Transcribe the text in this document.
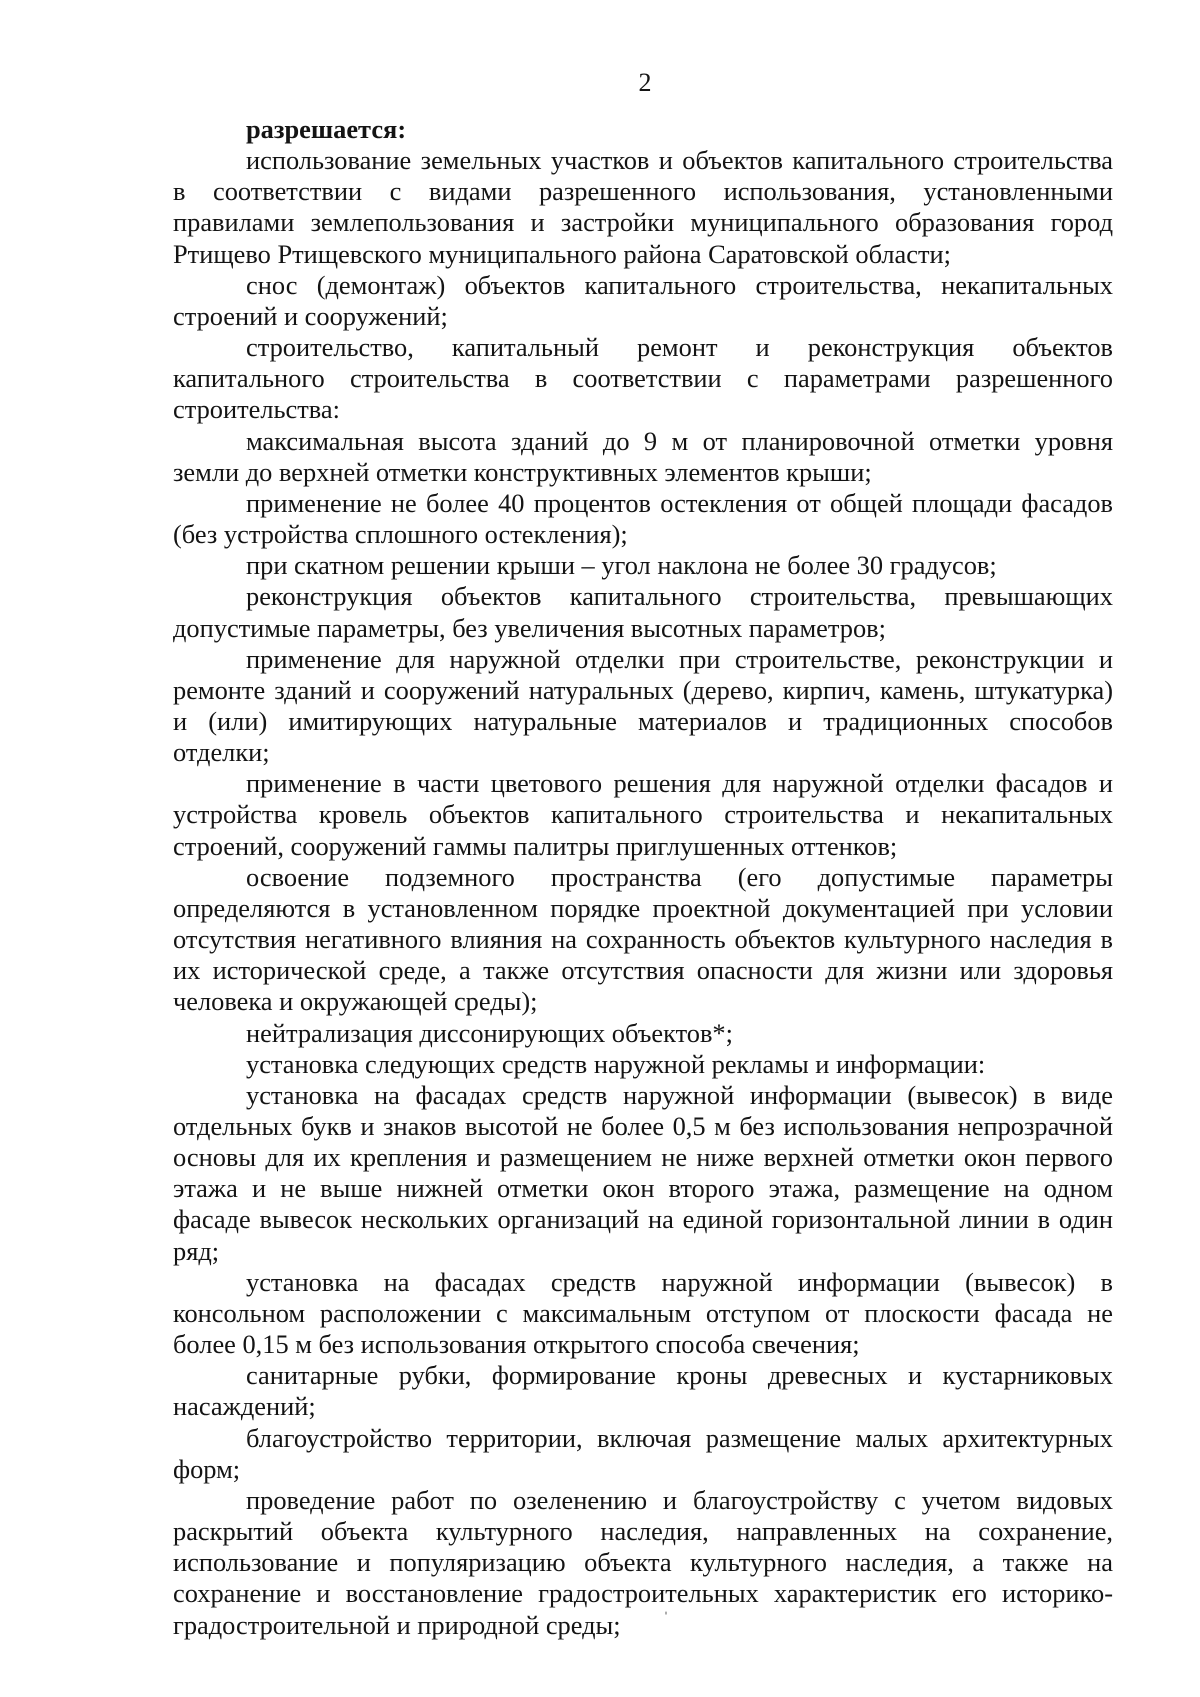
2
разрешается:
использование земельных участков и объектов капитального строительства в соответствии с видами разрешенного использования, установленными правилами землепользования и застройки муниципального образования город Ртищево Ртищевского муниципального района Саратовской области;
снос (демонтаж) объектов капитального строительства, некапитальных строений и сооружений;
строительство, капитальный ремонт и реконструкция объектов капитального строительства в соответствии с параметрами разрешенного строительства:
максимальная высота зданий до 9 м от планировочной отметки уровня земли до верхней отметки конструктивных элементов крыши;
применение не более 40 процентов остекления от общей площади фасадов (без устройства сплошного остекления);
при скатном решении крыши – угол наклона не более 30 градусов;
реконструкция объектов капитального строительства, превышающих допустимые параметры, без увеличения высотных параметров;
применение для наружной отделки при строительстве, реконструкции и ремонте зданий и сооружений натуральных (дерево, кирпич, камень, штукатурка) и (или) имитирующих натуральные материалов и традиционных способов отделки;
применение в части цветового решения для наружной отделки фасадов и устройства кровель объектов капитального строительства и некапитальных строений, сооружений гаммы палитры приглушенных оттенков;
освоение подземного пространства (его допустимые параметры определяются в установленном порядке проектной документацией при условии отсутствия негативного влияния на сохранность объектов культурного наследия в их исторической среде, а также отсутствия опасности для жизни или здоровья человека и окружающей среды);
нейтрализация диссонирующих объектов*;
установка следующих средств наружной рекламы и информации:
установка на фасадах средств наружной информации (вывесок) в виде отдельных букв и знаков высотой не более 0,5 м без использования непрозрачной основы для их крепления и размещением не ниже верхней отметки окон первого этажа и не выше нижней отметки окон второго этажа, размещение на одном фасаде вывесок нескольких организаций на единой горизонтальной линии в один ряд;
установка на фасадах средств наружной информации (вывесок) в консольном расположении с максимальным отступом от плоскости фасада не более 0,15 м без использования открытого способа свечения;
санитарные рубки, формирование кроны древесных и кустарниковых насаждений;
благоустройство территории, включая размещение малых архитектурных форм;
проведение работ по озеленению и благоустройству с учетом видовых раскрытий объекта культурного наследия, направленных на сохранение, использование и популяризацию объекта культурного наследия, а также на сохранение и восстановление градостроительных характеристик его историко-градостроительной и природной среды;	ˈ
